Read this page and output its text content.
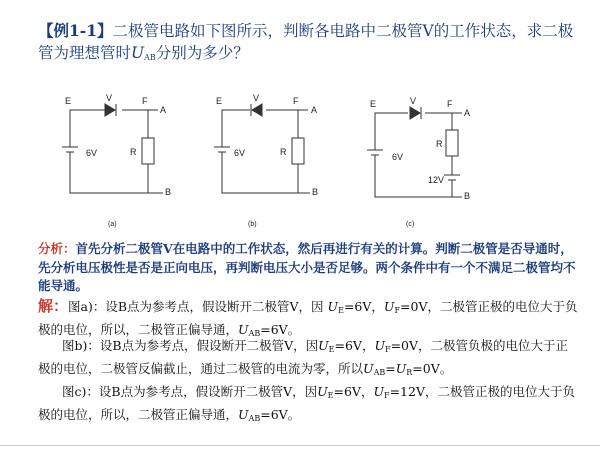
【例1-1】二极管电路如下图所示，判断各电路中二极管V的工作状态，求二极管为理想管时$U_{AB}$分别为多少？
E	V	F
A
R
6V
B
(a)
E	V	F
A
R
6V
B
(b)
E	V	F
A
R
6V
12V
B
(c)
分析：首先分析二极管V在电路中的工作状态，然后再进行有关的计算。判断二极管是否导通时，先分析电压极性是否是正向电压，再判断电压大小是否足够。两个条件中有一个不满足二极管均不能导通。
解：图a)：设B点为参考点，假设断开二极管V，因 $U_E=6V$，$U_F=0V$，二极管正极的电位大于负极的电位，所以，二极管正偏导通，$U_{AB}=6V$。
图b)：设B点为参考点，假设断开二极管V，因$U_E=6V$，$U_F=0V$，二极管负极的电位大于正极的电位，二极管反偏截止，通过二极管的电流为零，所以$U_{AB}=U_R=0V$。
图c)：设B点为参考点，假设断开二极管V，因$U_E=6V$，$U_F=12V$，二极管正极的电位大于负极的电位，所以，二极管正偏导通，$U_{AB}=6V$。
